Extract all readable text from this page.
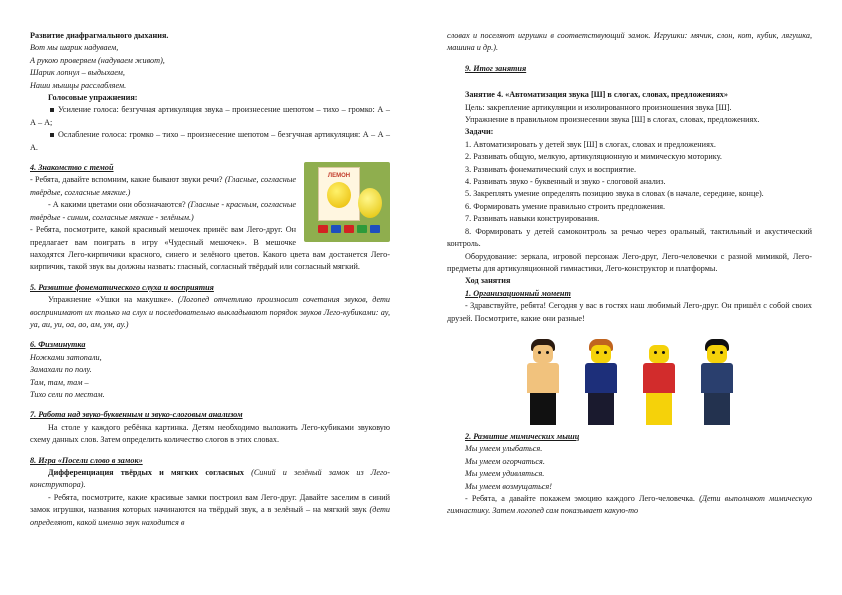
Развитие диафрагмального дыхания.

Вот мы шарик надуваем,

А рукою проверяем (надуваем живот),

Шарик лопнул – выдыхаем,

Наши мышцы расслабляем.

Голосовые упражнения:

Усиление голоса: безгучная артикуляция звука – произнесение шепотом – тихо – громко: А – А – А;

Ослабление голоса: громко – тихо – произнесение шепотом – безгучная артикуляция: А – А – А.

ЛЕМОН

4. Знакомство с темой

- Ребята, давайте вспомним, какие бывают звуки речи? (Гласные, согласные твёрдые, согласные мягкие.)

- А какими цветами они обозначаются? (Гласные - красным, согласные твёрдые - синим, согласные мягкие - зелёным.)

- Ребята, посмотрите, какой красивый мешочек принёс вам Лего-друг. Он предлагает вам поиграть в игру «Чудесный мешочек». В мешочке находятся Лего-кирпичики красного, синего и зелёного цветов. Какого цвета вам достанется Лего-кирпичик, такой звук вы должны назвать: гласный, согласный твёрдый или согласный мягкий.

5. Развитие фонематического слуха и восприятия

Упражнение «Ушки на макушке». (Логопед отчетливо произносит сочетания звуков, дети воспринимают их только на слух и последовательно выкладывают порядок звуков Лего-кубиками: ау, уа, аи, уи, оа, ао, ам, ум, ау.)

6. Физминутка

Ножками затопали,

Замахали по полу.

Там, там, там –

Тихо сели по местам.

7. Работа над звуко-буквенным и звуко-слоговым анализом

На столе у каждого ребёнка картинка. Детям необходимо выложить Лего-кубиками звуковую схему данных слов. Затем определить количество слогов в этих словах.

8. Игра «Посели слово в замок»

Дифференциация твёрдых и мягких согласных (Синий и зелёный замок из Лего-конструктора).

- Ребята, посмотрите, какие красивые замки построил вам Лего-друг. Давайте заселим в синий замок игрушки, названия которых начинаются на твёрдый звук, а в зелёный – на мягкий звук (дети определяют, какой именно звук находится в

словах и поселяют игрушки в соответствующий замок. Игрушки: мячик, слон, кот, кубик, лягушка, машина и др.).

9. Итог занятия

Занятие 4. «Автоматизация звука [Ш] в слогах, словах, предложениях»

Цель: закрепление артикуляции и изолированного произношения звука [Ш].

Упражнение в правильном произнесении звука [Ш] в слогах, словах, предложениях.

Задачи:

1. Автоматизировать у детей звук [Ш] в слогах, словах и предложениях.

2. Развивать общую, мелкую, артикуляционную и мимическую моторику.

3. Развивать фонематический слух и восприятие.

4. Развивать звуко - буквенный и звуко - слоговой анализ.

5. Закреплять умение определять позицию звука в словах (в начале, середине, конце).

6. Формировать умение правильно строить предложения.

7. Развивать навыки конструирования.

8. Формировать у детей самоконтроль за речью через оральный, тактильный и акустический контроль.

Оборудование: зеркала, игровой персонаж Лего-друг, Лего-человечки с разной мимикой, Лего-предметы для артикуляционной гимнастики, Лего-конструктор и платформы.

Ход занятия

1. Организационный момент

- Здравствуйте, ребята! Сегодня у вас в гостях наш любимый Лего-друг. Он пришёл с собой своих друзей. Посмотрите, какие они разные!

2. Развитие мимических мышц

Мы умеем улыбаться.

Мы умеем огорчаться.

Мы умеем удивляться.

Мы умеем возмущаться!

- Ребята, а давайте покажем эмоцию каждого Лего-человечка. (Дети выполняют мимическую гимнастику. Затем логопед сам показывает какую-то
